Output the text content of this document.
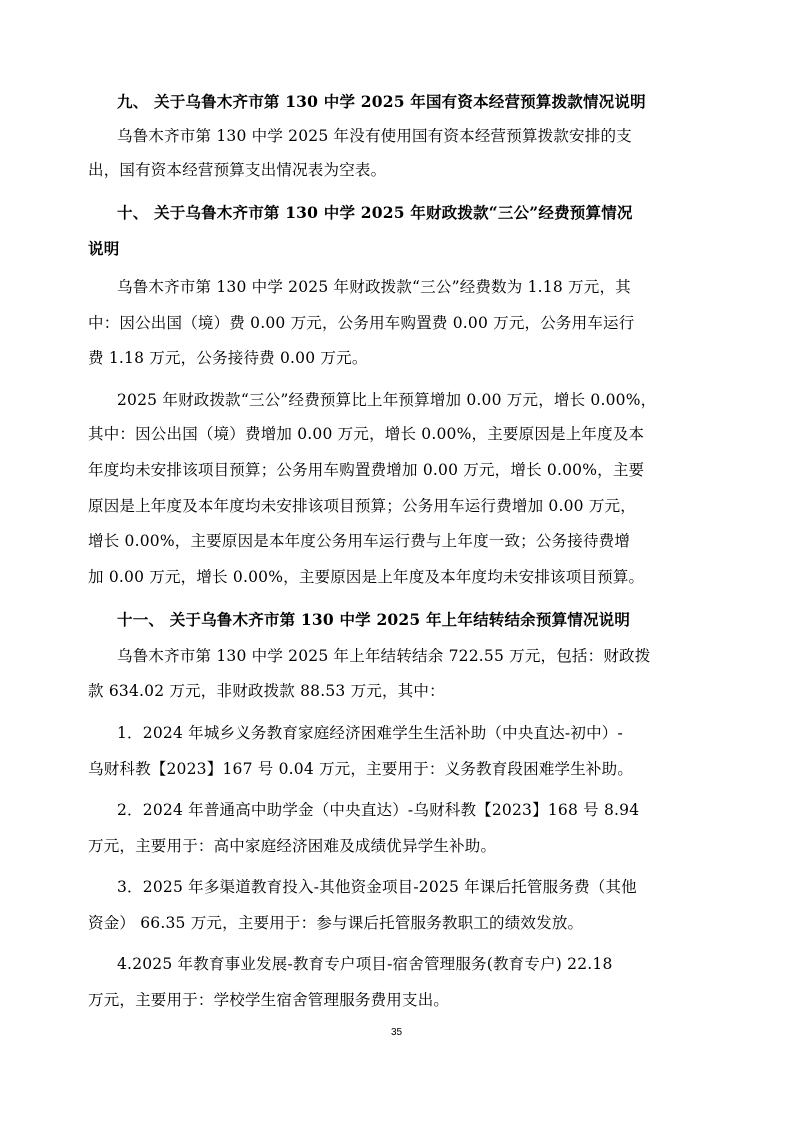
九、 关于乌鲁木齐市第 130 中学 2025 年国有资本经营预算拨款情况说明
乌鲁木齐市第 130 中学 2025 年没有使用国有资本经营预算拨款安排的支
出，国有资本经营预算支出情况表为空表。
十、 关于乌鲁木齐市第 130 中学 2025 年财政拨款“三公”经费预算情况
说明
乌鲁木齐市第 130 中学 2025 年财政拨款“三公”经费数为 1.18 万元，其
中：因公出国（境）费 0.00 万元，公务用车购置费 0.00 万元，公务用车运行
费 1.18 万元，公务接待费 0.00 万元。
2025 年财政拨款“三公”经费预算比上年预算增加 0.00 万元，增长 0.00%，
其中：因公出国（境）费增加 0.00 万元，增长 0.00%，主要原因是上年度及本
年度均未安排该项目预算；公务用车购置费增加 0.00 万元，增长 0.00%，主要
原因是上年度及本年度均未安排该项目预算；公务用车运行费增加 0.00 万元，
增长 0.00%，主要原因是本年度公务用车运行费与上年度一致；公务接待费增
加 0.00 万元，增长 0.00%，主要原因是上年度及本年度均未安排该项目预算。
十一、 关于乌鲁木齐市第 130 中学 2025 年上年结转结余预算情况说明
乌鲁木齐市第 130 中学 2025 年上年结转结余 722.55 万元，包括：财政拨
款 634.02 万元，非财政拨款 88.53 万元，其中：
1．2024 年城乡义务教育家庭经济困难学生生活补助（中央直达-初中）-
乌财科教【2023】167 号 0.04 万元，主要用于：义务教育段困难学生补助。
2．2024 年普通高中助学金（中央直达）-乌财科教【2023】168 号 8.94
万元，主要用于：高中家庭经济困难及成绩优异学生补助。
3．2025 年多渠道教育投入-其他资金项目-2025 年课后托管服务费（其他
资金） 66.35 万元，主要用于：参与课后托管服务教职工的绩效发放。
4.2025 年教育事业发展-教育专户项目-宿舍管理服务(教育专户) 22.18
万元，主要用于：学校学生宿舍管理服务费用支出。
35
